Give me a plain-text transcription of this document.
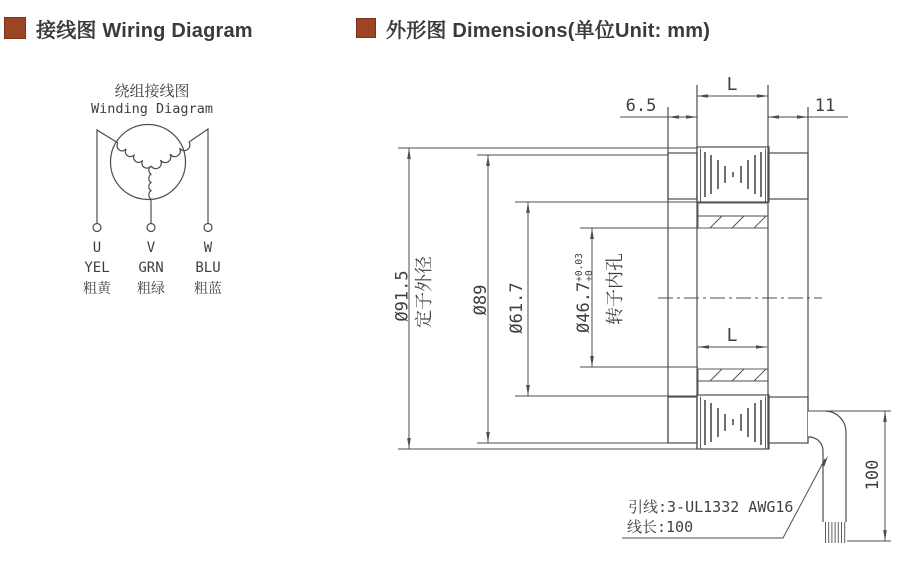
接线图 Wiring Diagram	外形图 Dimensions(单位Unit: mm)
绕组接线图
Winding Diagram
U	V	W
YEL GRN BLU
粗黄 粗绿 粗蓝
引线:3-UL1332 AWG16
线长:100
L
6.5	11
L
Ø91.5 定子外径 Ø89 Ø61.7	$Ø46.7^{+0.03}+0$ 转子内孔
100
